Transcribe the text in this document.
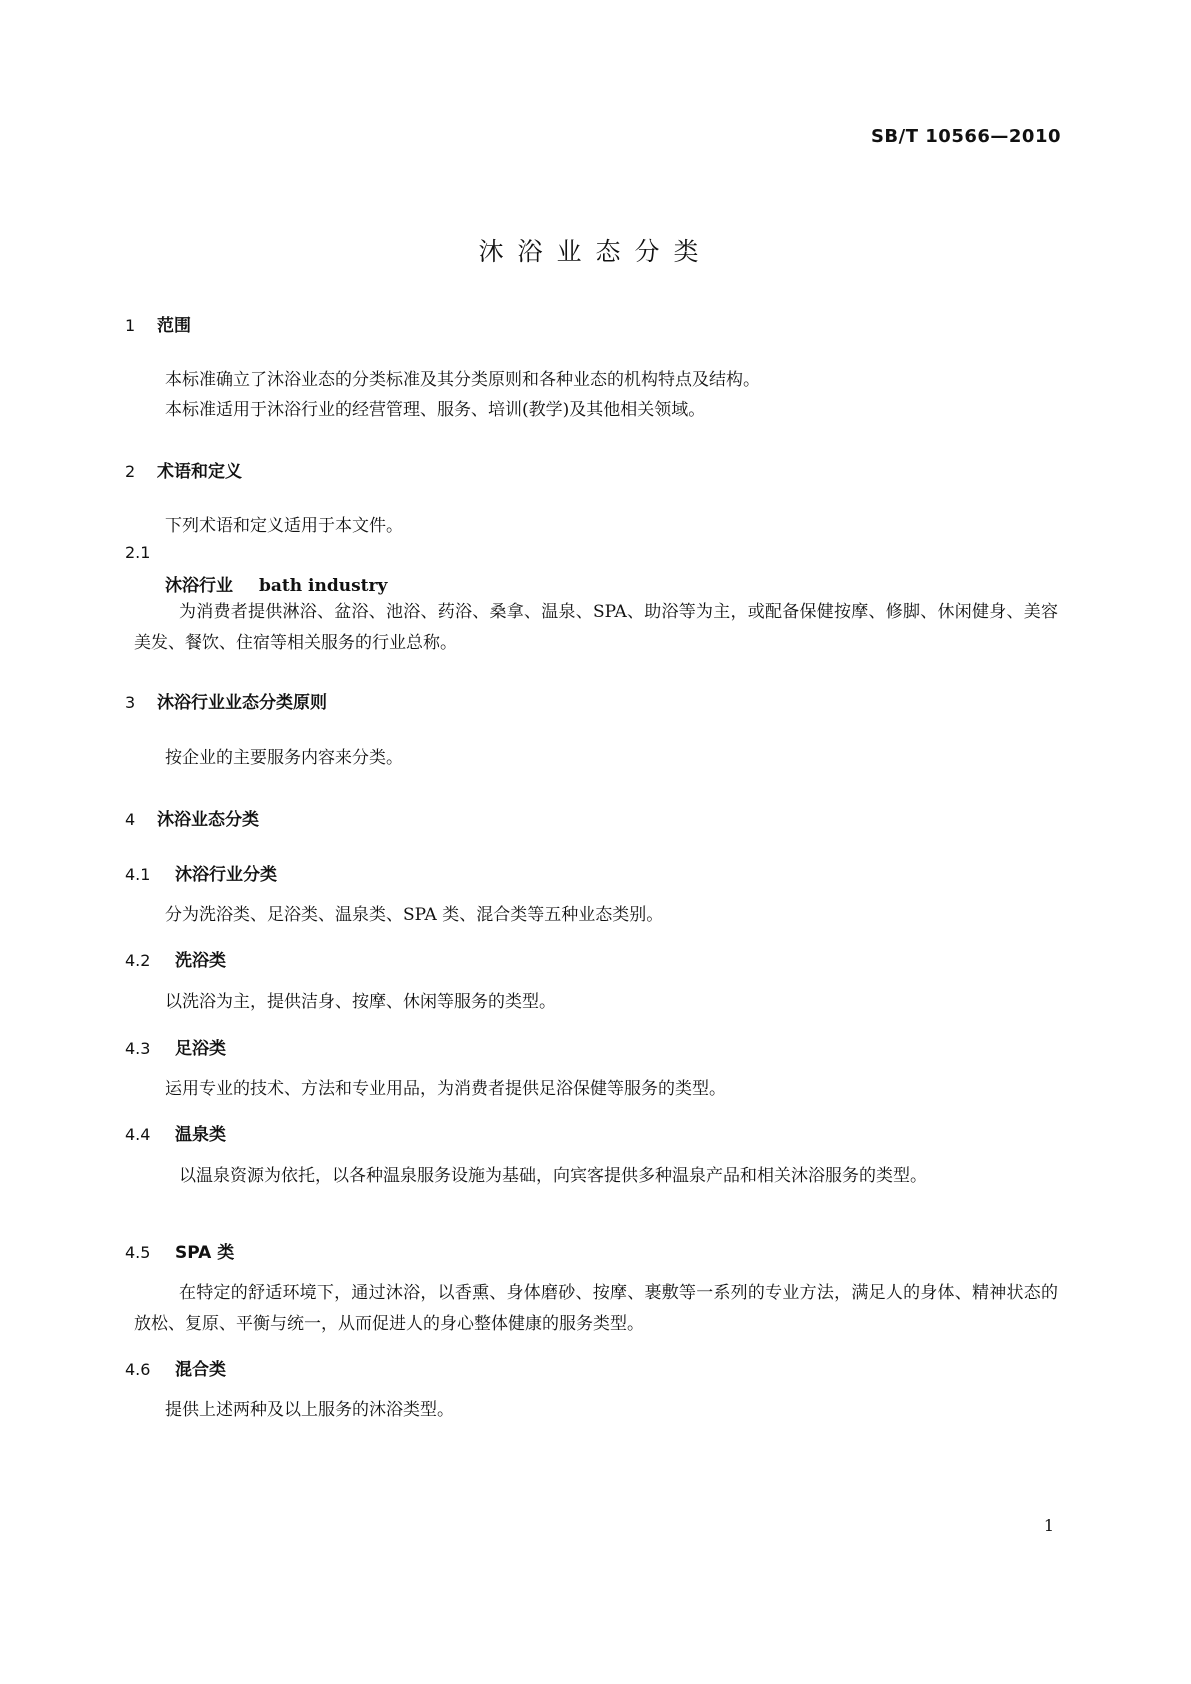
SB/T 10566—2010
沐浴业态分类
1 范围
本标准确立了沐浴业态的分类标准及其分类原则和各种业态的机构特点及结构。
本标准适用于沐浴行业的经营管理、服务、培训(教学)及其他相关领域。
2 术语和定义
下列术语和定义适用于本文件。
2.1
沐浴行业 bath industry
为消费者提供淋浴、盆浴、池浴、药浴、桑拿、温泉、SPA、助浴等为主，或配备保健按摩、修脚、休闲健身、美容美发、餐饮、住宿等相关服务的行业总称。
3 沐浴行业业态分类原则
按企业的主要服务内容来分类。
4 沐浴业态分类
4.1 沐浴行业分类
分为洗浴类、足浴类、温泉类、SPA 类、混合类等五种业态类别。
4.2 洗浴类
以洗浴为主，提供洁身、按摩、休闲等服务的类型。
4.3 足浴类
运用专业的技术、方法和专业用品，为消费者提供足浴保健等服务的类型。
4.4 温泉类
以温泉资源为依托，以各种温泉服务设施为基础，向宾客提供多种温泉产品和相关沐浴服务的类型。
4.5 SPA 类
在特定的舒适环境下，通过沐浴，以香熏、身体磨砂、按摩、裹敷等一系列的专业方法，满足人的身体、精神状态的放松、复原、平衡与统一，从而促进人的身心整体健康的服务类型。
4.6 混合类
提供上述两种及以上服务的沐浴类型。
1
